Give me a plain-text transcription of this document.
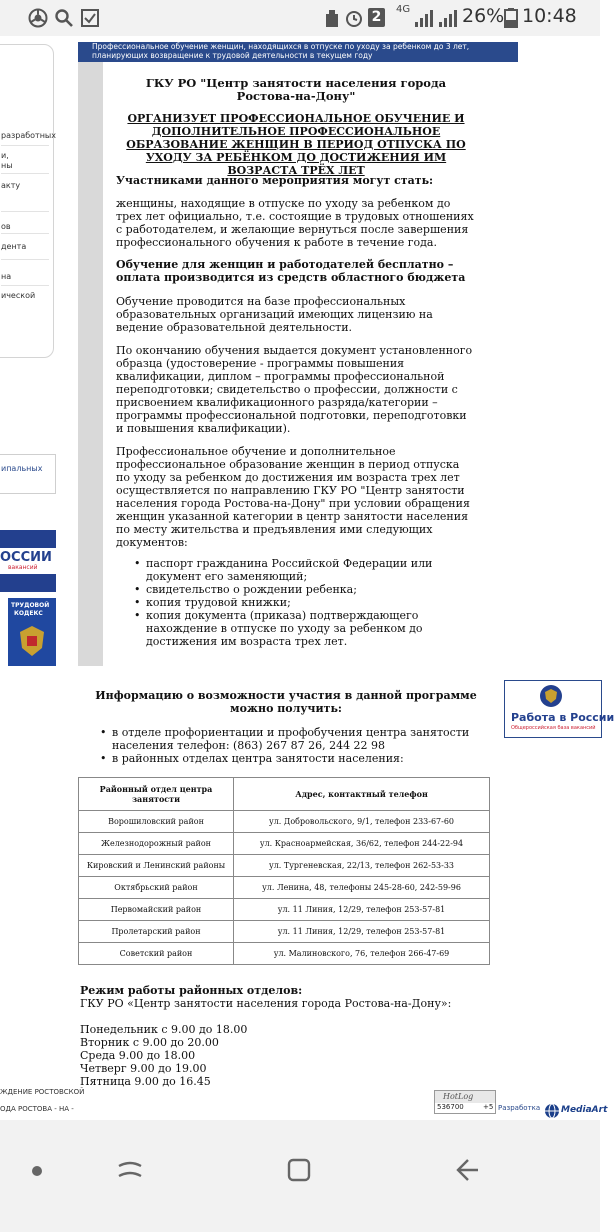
2	4G	26% 10:48
разработных
и,
ны
акту
ов
дента
на
ической
ипальных
ОССИИ
вакансий
ТРУДОВОЙ
КОДЕКС
Профессиональное обучение женщин, находящихся в отпуске по уходу за ребенком до 3 лет, планирующих возвращение к трудовой деятельности в текущем году
ГКУ РО "Центр занятости населения города Ростова-на-Дону"
ОРГАНИЗУЕТ ПРОФЕССИОНАЛЬНОЕ ОБУЧЕНИЕ И ДОПОЛНИТЕЛЬНОЕ ПРОФЕССИОНАЛЬНОЕ ОБРАЗОВАНИЕ ЖЕНЩИН В ПЕРИОД ОТПУСКА ПО УХОДУ ЗА РЕБЁНКОМ ДО ДОСТИЖЕНИЯ ИМ ВОЗРАСТА ТРЁХ ЛЕТ
Участниками данного мероприятия могут стать:
женщины, находящие в отпуске по уходу за ребенком до трех лет официально, т.е. состоящие в трудовых отношениях с работодателем, и желающие вернуться после завершения профессионального обучения к работе в течение года.
Обучение для женщин и работодателей бесплатно – оплата производится из средств областного бюджета
Обучение проводится на базе профессиональных образовательных организаций имеющих лицензию на ведение образовательной деятельности.
По окончанию обучения выдается документ установленного образца (удостоверение - программы повышения квалификации, диплом – программы профессиональной переподготовки; свидетельство о профессии, должности с присвоением квалификационного разряда/категории – программы профессиональной подготовки, переподготовки и повышения квалификации).
Профессиональное обучение и дополнительное профессиональное образование женщин в период отпуска по уходу за ребенком до достижения им возраста трех лет осуществляется по направлению ГКУ РО "Центр занятости населения города Ростова-на-Дону" при условии обращения женщин указанной категории в центр занятости населения по месту жительства и предъявления ими следующих документов:
• паспорт гражданина Российской Федерации или документ его заменяющий;
• свидетельство о рождении ребенка;
• копия трудовой книжки;
• копия документа (приказа) подтверждающего нахождение в отпуске по уходу за ребенком до достижения им возраста трех лет.
Информацию о возможности участия в данной программе можно получить:
• в отделе профориентации и профобучения центра занятости населения телефон: (863) 267 87 26, 244 22 98
• в районных отделах центра занятости населения:
Районный отдел центра занятости	Адрес, контактный телефон
Ворошиловский район	ул. Добровольского, 9/1, телефон 233-67-60
Железнодорожный район	ул. Красноармейская, 36/62, телефон 244-22-94
Кировский и Ленинский районы	ул. Тургеневская, 22/13, телефон 262-53-33
Октябрьский район	ул. Ленина, 48, телефоны 245-28-60, 242-59-96
Первомайский район	ул. 11 Линия, 12/29, телефон 253-57-81
Пролетарский район	ул. 11 Линия, 12/29, телефон 253-57-81
Советский район	ул. Малиновского, 76, телефон 266-47-69
Режим работы районных отделов:
ГКУ РО «Центр занятости населения города Ростова-на-Дону»:
Понедельник с 9.00 до 18.00
Вторник с 9.00 до 20.00
Среда 9.00 до 18.00
Четверг 9.00 до 19.00
Пятница 9.00 до 16.45
Работа в России
Общероссийская база вакансий
ЖДЕНИЕ РОСТОВСКОЙ
ОДА РОСТОВА - НА -
HotLog
536700	+5 Разработка MediaArt
